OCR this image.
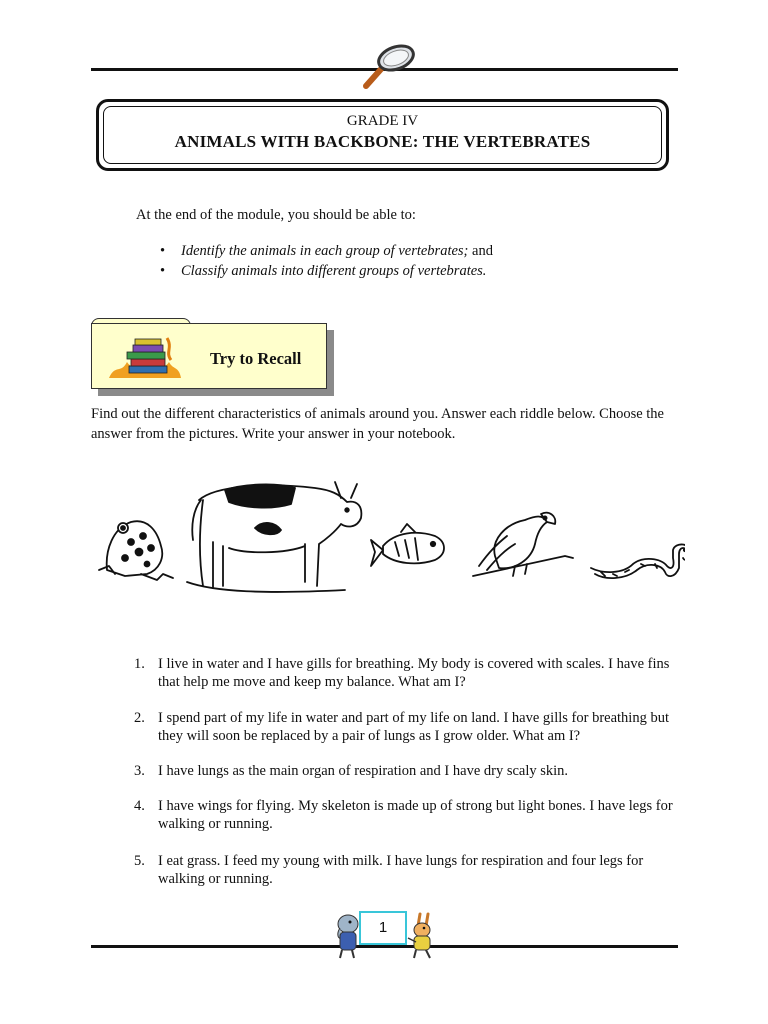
GRADE IV
ANIMALS WITH BACKBONE: THE VERTEBRATES
At the end of the module, you should be able to:
• Identify the animals in each group of vertebrates; and
• Classify animals into different groups of vertebrates.
Try to Recall
Find out the different characteristics of animals around you. Answer each riddle below. Choose the answer from the pictures. Write your answer in your notebook.
1. I live in water and I have gills for breathing. My body is covered with scales. I have fins that help me move and keep my balance. What am I?
2. I spend part of my life in water and part of my life on land. I have gills for breathing but they will soon be replaced by a pair of lungs as I grow older. What am I?
3. I have lungs as the main organ of respiration and I have dry scaly skin.
4. I have wings for flying. My skeleton is made up of strong but light bones. I have legs for walking or running.
5. I eat grass. I feed my young with milk. I have lungs for respiration and four legs for walking or running.
1
